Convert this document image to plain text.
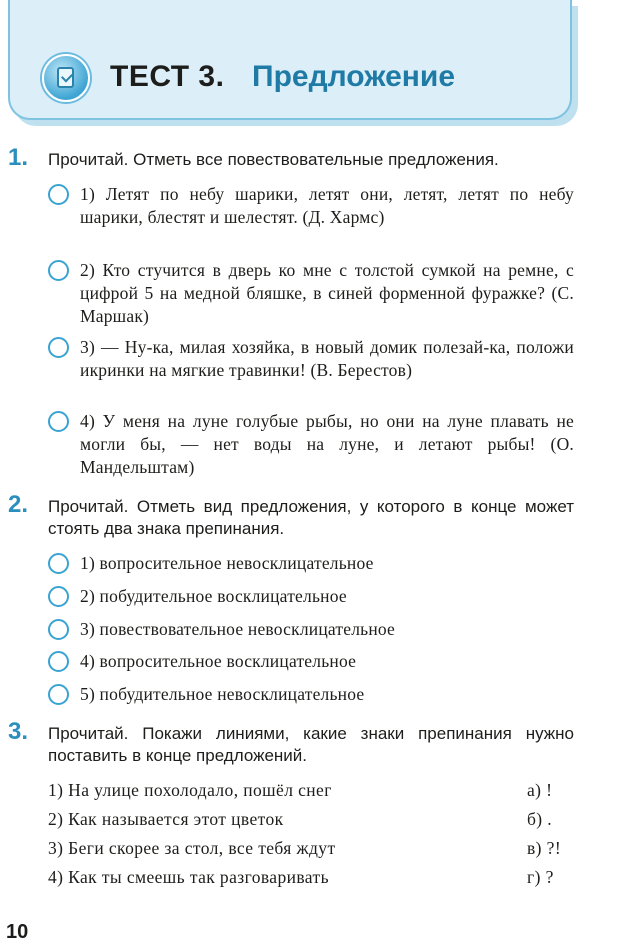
ТЕСТ 3. Предложение
1. Прочитай. Отметь все повествовательные предложения.
1) Летят по небу шарики, летят они, летят, летят по небу шарики, блестят и шелестят. (Д. Хармс)
2) Кто стучится в дверь ко мне с толстой сумкой на ремне, с цифрой 5 на медной бляшке, в синей форменной фуражке? (С. Маршак)
3) — Ну-ка, милая хозяйка, в новый домик полезай-ка, положи икринки на мягкие травинки! (В. Берестов)
4) У меня на луне голубые рыбы, но они на луне плавать не могли бы, — нет воды на луне, и летают рыбы! (О. Мандельштам)
2. Прочитай. Отметь вид предложения, у которого в конце может стоять два знака препинания.
1) вопросительное невосклицательное
2) побудительное восклицательное
3) повествовательное невосклицательное
4) вопросительное восклицательное
5) побудительное невосклицательное
3. Прочитай. Покажи линиями, какие знаки препинания нужно поставить в конце предложений.
1) На улице похолодало, пошёл снег	а) !
2) Как называется этот цветок	б) .
3) Беги скорее за стол, все тебя ждут	в) ?!
4) Как ты смеешь так разговаривать	г) ?
10
